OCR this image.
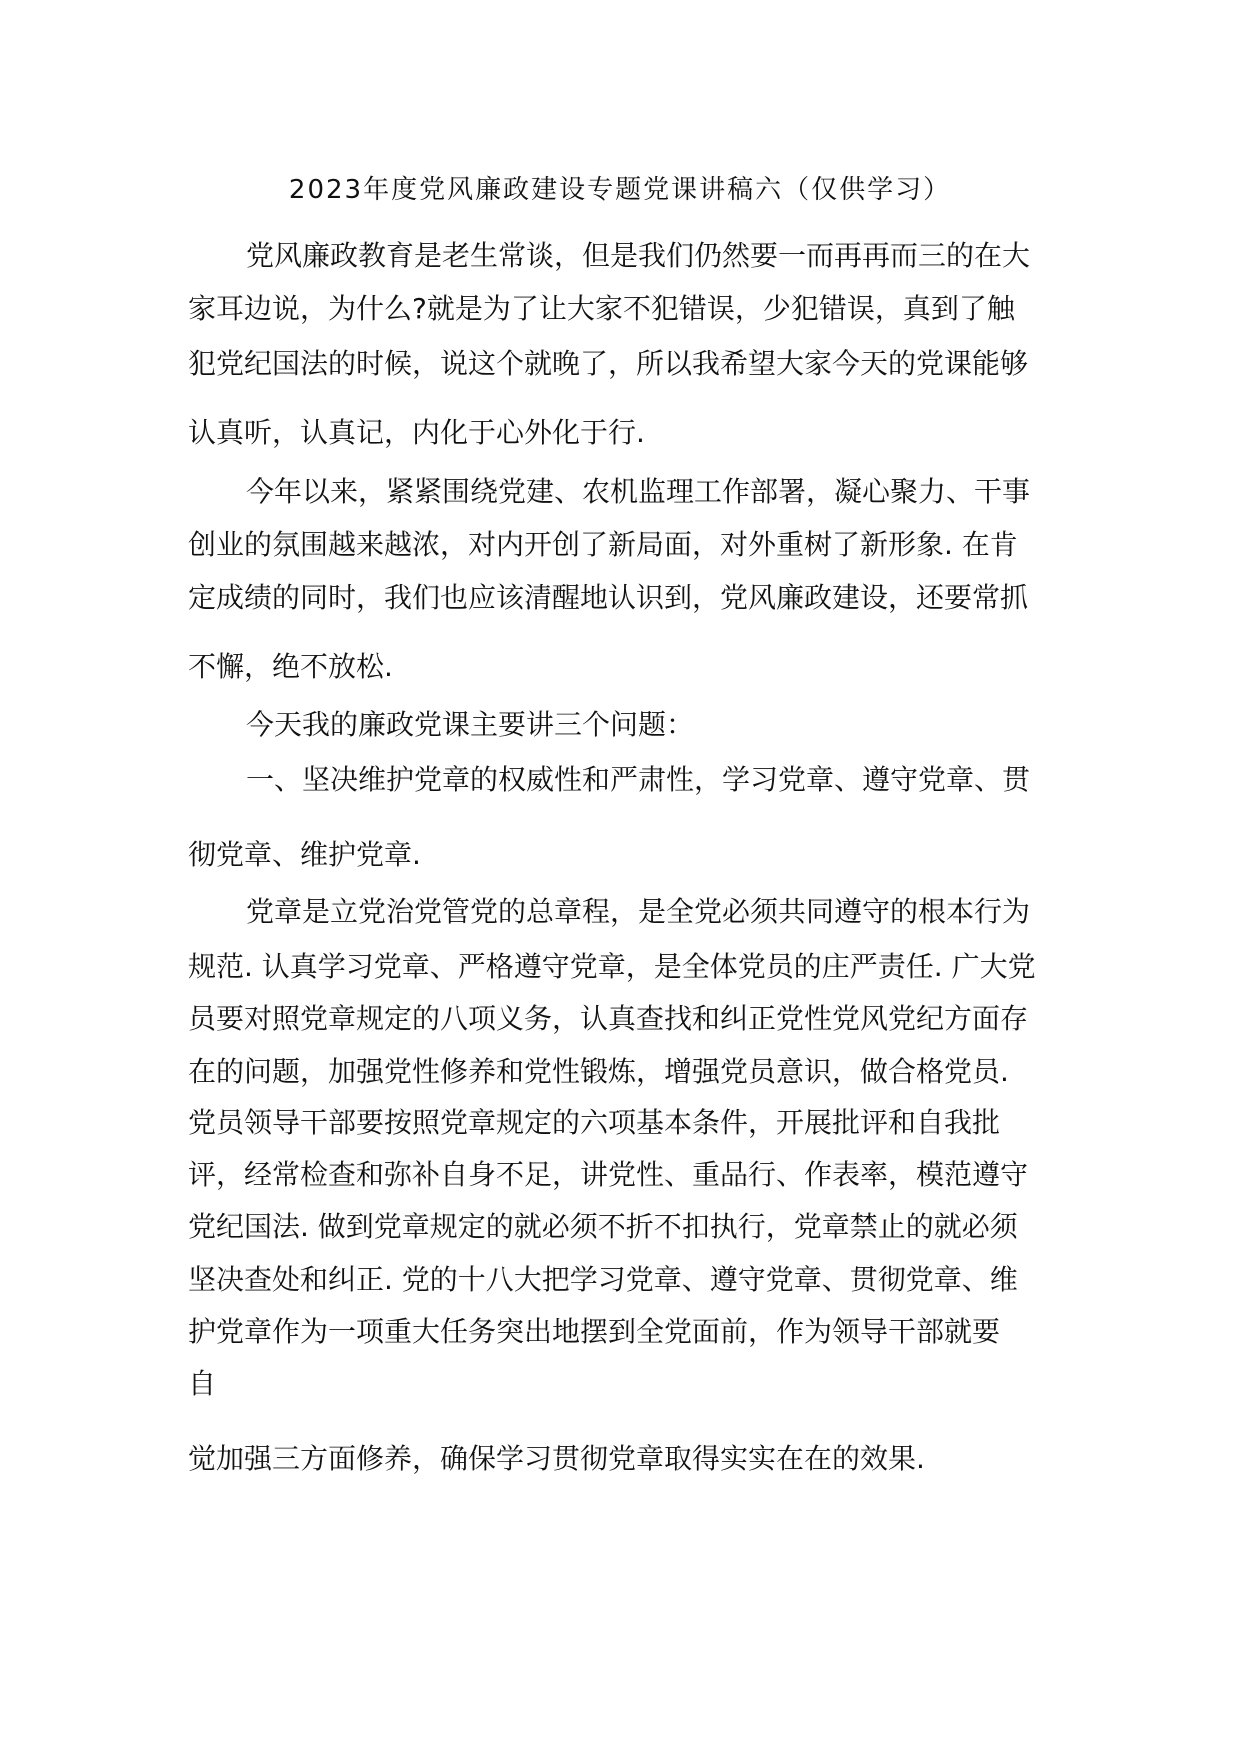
2023年度党风廉政建设专题党课讲稿六（仅供学习）
党风廉政教育是老生常谈，但是我们仍然要一而再再而三的在大
家耳边说，为什么?就是为了让大家不犯错误，少犯错误，真到了触
犯党纪国法的时候，说这个就晚了，所以我希望大家今天的党课能够
认真听，认真记，内化于心外化于行.
今年以来，紧紧围绕党建、农机监理工作部署，凝心聚力、干事
创业的氛围越来越浓，对内开创了新局面，对外重树了新形象. 在肯
定成绩的同时，我们也应该清醒地认识到，党风廉政建设，还要常抓
不懈，绝不放松.
今天我的廉政党课主要讲三个问题：
一、坚决维护党章的权威性和严肃性，学习党章、遵守党章、贯
彻党章、维护党章.
党章是立党治党管党的总章程，是全党必须共同遵守的根本行为
规范. 认真学习党章、严格遵守党章，是全体党员的庄严责任. 广大党
员要对照党章规定的八项义务，认真查找和纠正党性党风党纪方面存
在的问题，加强党性修养和党性锻炼，增强党员意识，做合格党员.
党员领导干部要按照党章规定的六项基本条件，开展批评和自我批
评，经常检查和弥补自身不足，讲党性、重品行、作表率，模范遵守
党纪国法. 做到党章规定的就必须不折不扣执行，党章禁止的就必须
坚决查处和纠正. 党的十八大把学习党章、遵守党章、贯彻党章、维
护党章作为一项重大任务突出地摆到全党面前，作为领导干部就要
自
觉加强三方面修养，确保学习贯彻党章取得实实在在的效果.
